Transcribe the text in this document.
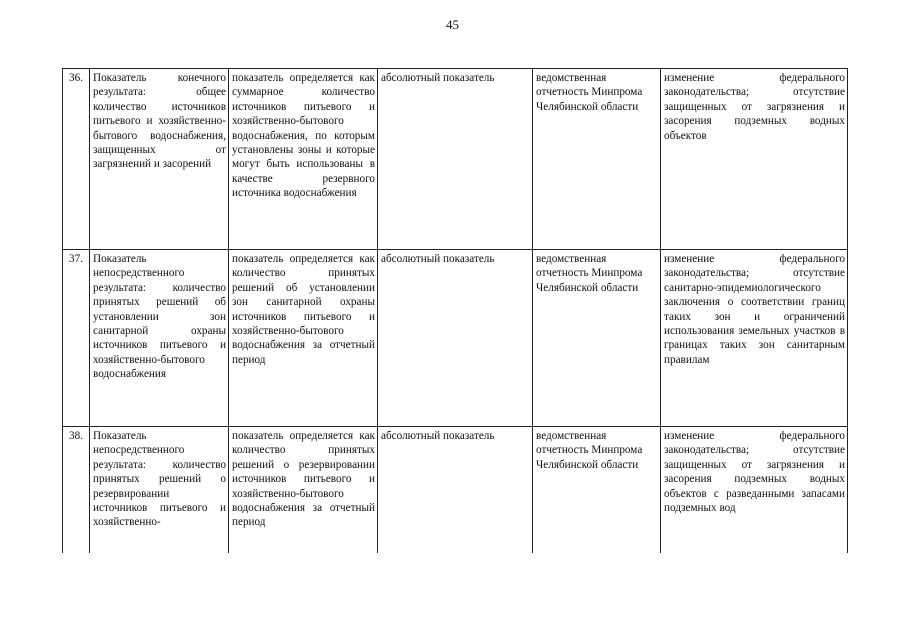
45
36.	Показатель конечного результата: общее количество источников питьевого и хозяйственно-бытового водоснабжения, защищенных от загрязнений и засорений	показатель определяется как суммарное количество источников питьевого и хозяйственно-бытового водоснабжения, по которым установлены зоны и которые могут быть использованы в качестве резервного источника водоснабжения	абсолютный показатель	ведомственная отчетность Минпрома Челябинской области	изменение федерального законодательства; отсутствие защищенных от загрязнения и засорения подземных водных объектов
37.	Показатель непосредственного результата: количество принятых решений об установлении зон санитарной охраны источников питьевого и хозяйственно-бытового водоснабжения	показатель определяется как количество принятых решений об установлении зон санитарной охраны источников питьевого и хозяйственно-бытового водоснабжения за отчетный период	абсолютный показатель	ведомственная отчетность Минпрома Челябинской области	изменение федерального законодательства; отсутствие санитарно-эпидемиологического заключения о соответствии границ таких зон и ограничений использования земельных участков в границах таких зон санитарным правилам
38.	Показатель непосредственного результата: количество принятых решений о резервировании источников питьевого и хозяйственно-	показатель определяется как количество принятых решений о резервировании источников питьевого и хозяйственно-бытового водоснабжения за отчетный период	абсолютный показатель	ведомственная отчетность Минпрома Челябинской области	изменение федерального законодательства; отсутствие защищенных от загрязнения и засорения подземных водных объектов с разведанными запасами подземных вод
